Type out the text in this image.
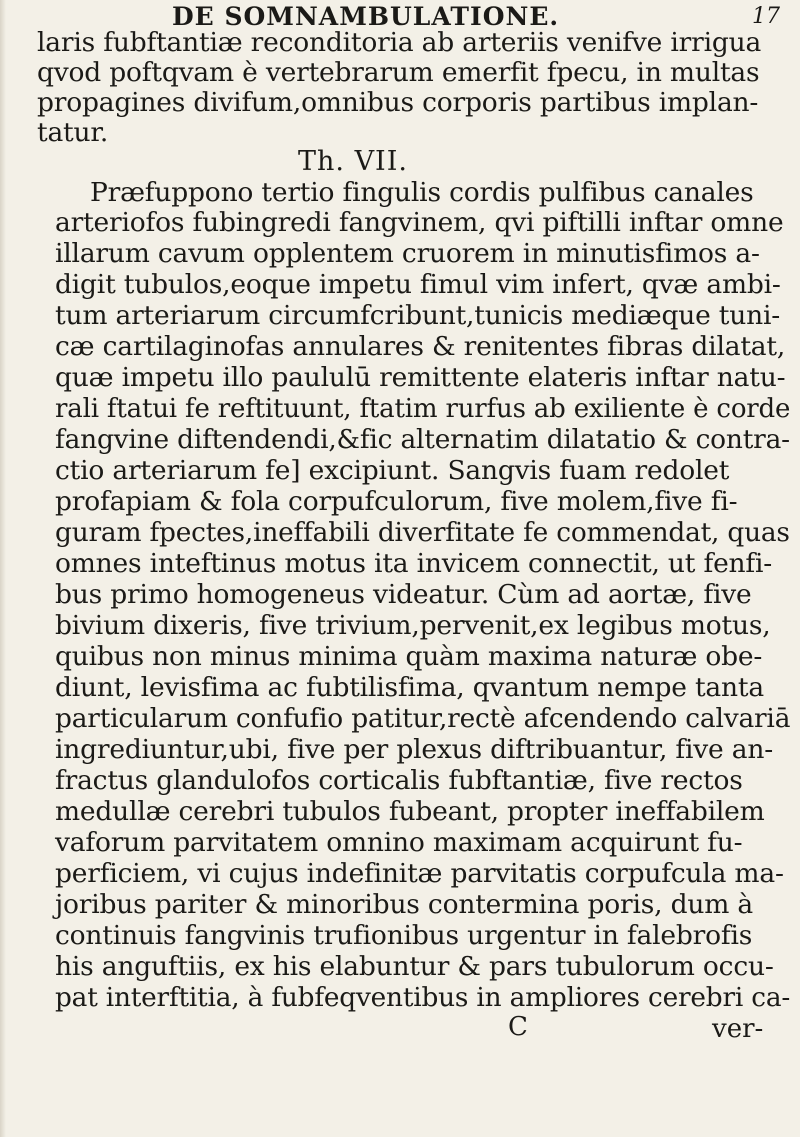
DE SOMNAMBULATIONE.	17
laris fubftantiæ reconditoria ab arteriis venifve irrigua
qvod poftqvam è vertebrarum emerfit fpecu, in multas
propagines divifum,omnibus corporis partibus implan-
tatur.
Th. VII.
Præfuppono tertio fingulis cordis pulfibus canales
arteriofos fubingredi fangvinem, qvi piftilli inftar omne
illarum cavum opplentem cruorem in minutisfimos a-
digit tubulos,eoque impetu fimul vim infert, qvæ ambi-
tum arteriarum circumfcribunt,tunicis mediæque tuni-
cæ cartilaginofas annulares & renitentes fibras dilatat,
quæ impetu illo paululū remittente elateris inftar natu-
rali ftatui fe reftituunt, ftatim rurfus ab exiliente è corde
fangvine diftendendi,&fic alternatim dilatatio & contra-
ctio arteriarum fe] excipiunt. Sangvis fuam redolet
profapiam & fola corpufculorum, five molem,five fi-
guram fpectes,ineffabili diverfitate fe commendat, quas
omnes inteftinus motus ita invicem connectit, ut fenfi-
bus primo homogeneus videatur. Cùm ad aortæ, five
bivium dixeris, five trivium,pervenit,ex legibus motus,
quibus non minus minima quàm maxima naturæ obe-
diunt, levisfima ac fubtilisfima, qvantum nempe tanta
particularum confufio patitur,rectè afcendendo calvariā
ingrediuntur,ubi, five per plexus diftribuantur, five an-
fractus glandulofos corticalis fubftantiæ, five rectos
medullæ cerebri tubulos fubeant, propter ineffabilem
vaforum parvitatem omnino maximam acquirunt fu-
perficiem, vi cujus indefinitæ parvitatis corpufcula ma-
joribus pariter & minoribus contermina poris, dum à
continuis fangvinis trufionibus urgentur in falebrofis
his anguftiis, ex his elabuntur & pars tubulorum occu-
pat interftitia, à fubfeqventibus in ampliores cerebri ca-
C	ver-
